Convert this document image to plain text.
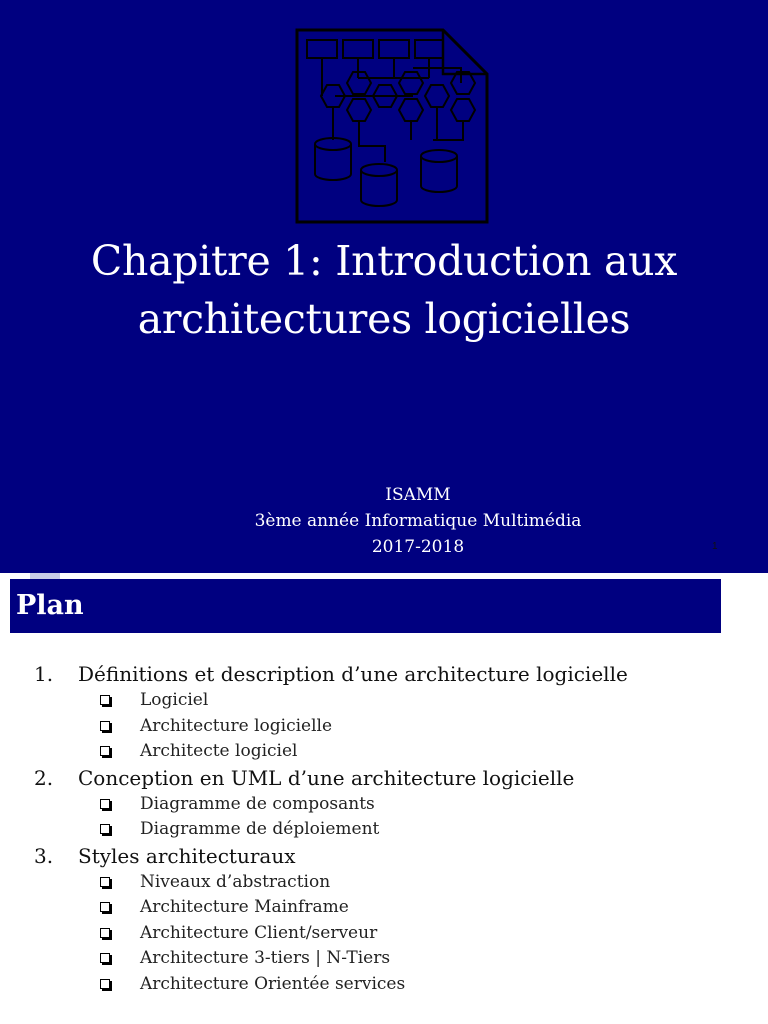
Chapitre 1: Introduction aux
architectures logicielles
ISAMM
3ème année Informatique Multimédia
2017-2018	1
Plan
1. Définitions et description d’une architecture logicielle
Logiciel
Architecture logicielle
Architecte logiciel
2. Conception en UML d’une architecture logicielle
Diagramme de composants
Diagramme de déploiement
3. Styles architecturaux
Niveaux d’abstraction
Architecture Mainframe
Architecture Client/serveur
Architecture 3-tiers | N-Tiers
Architecture Orientée services
